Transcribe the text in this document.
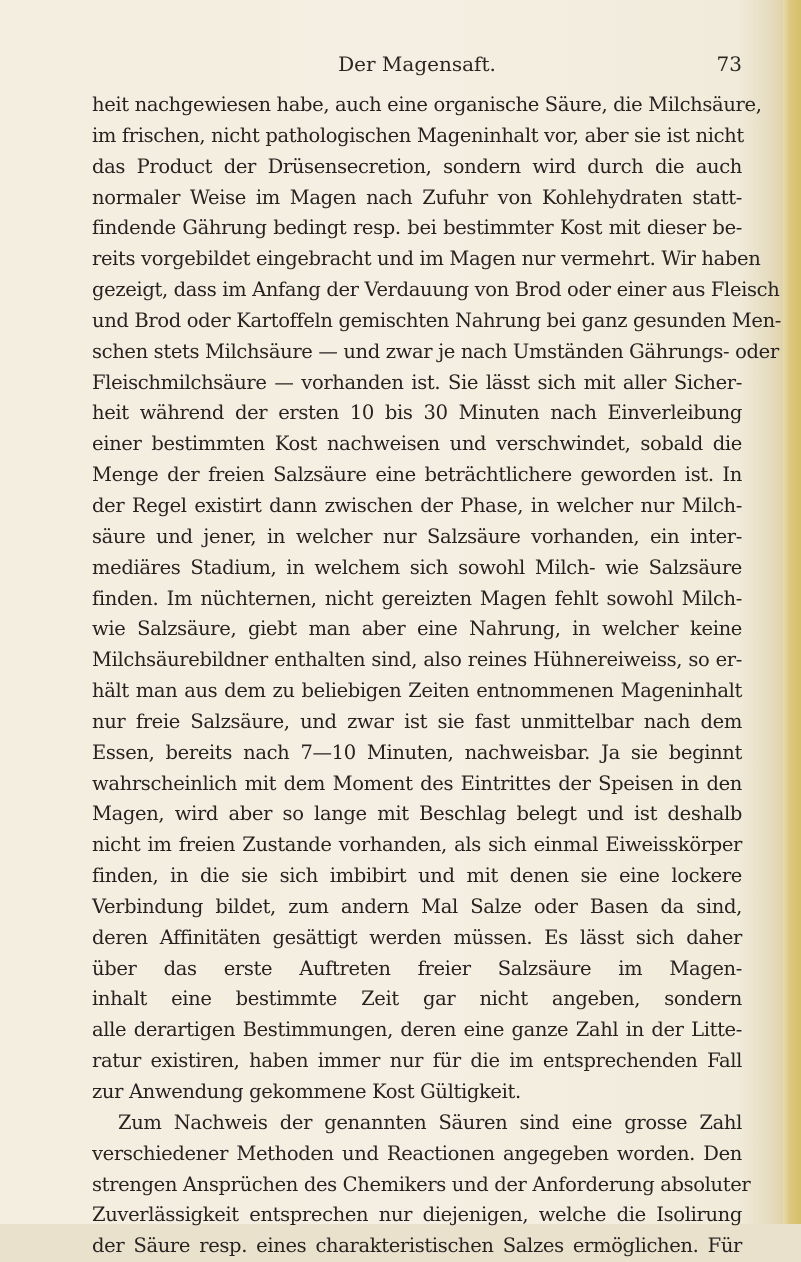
Der Magensaft.	73
heit nachgewiesen habe, auch eine organische Säure, die Milchsäure,
im frischen, nicht pathologischen Mageninhalt vor, aber sie ist nicht
das Product der Drüsensecretion, sondern wird durch die auch
normaler Weise im Magen nach Zufuhr von Kohlehydraten statt-
findende Gährung bedingt resp. bei bestimmter Kost mit dieser be-
reits vorgebildet eingebracht und im Magen nur vermehrt. Wir haben
gezeigt, dass im Anfang der Verdauung von Brod oder einer aus Fleisch
und Brod oder Kartoffeln gemischten Nahrung bei ganz gesunden Men-
schen stets Milchsäure — und zwar je nach Umständen Gährungs- oder
Fleischmilchsäure — vorhanden ist. Sie lässt sich mit aller Sicher-
heit während der ersten 10 bis 30 Minuten nach Einverleibung
einer bestimmten Kost nachweisen und verschwindet, sobald die
Menge der freien Salzsäure eine beträchtlichere geworden ist. In
der Regel existirt dann zwischen der Phase, in welcher nur Milch-
säure und jener, in welcher nur Salzsäure vorhanden, ein inter-
mediäres Stadium, in welchem sich sowohl Milch- wie Salzsäure
finden. Im nüchternen, nicht gereizten Magen fehlt sowohl Milch-
wie Salzsäure, giebt man aber eine Nahrung, in welcher keine
Milchsäurebildner enthalten sind, also reines Hühnereiweiss, so er-
hält man aus dem zu beliebigen Zeiten entnommenen Mageninhalt
nur freie Salzsäure, und zwar ist sie fast unmittelbar nach dem
Essen, bereits nach 7—10 Minuten, nachweisbar. Ja sie beginnt
wahrscheinlich mit dem Moment des Eintrittes der Speisen in den
Magen, wird aber so lange mit Beschlag belegt und ist deshalb
nicht im freien Zustande vorhanden, als sich einmal Eiweisskörper
finden, in die sie sich imbibirt und mit denen sie eine lockere
Verbindung bildet, zum andern Mal Salze oder Basen da sind,
deren Affinitäten gesättigt werden müssen. Es lässt sich daher
über das erste Auftreten freier Salzsäure im Magen-
inhalt eine bestimmte Zeit gar nicht angeben, sondern
alle derartigen Bestimmungen, deren eine ganze Zahl in der Litte-
ratur existiren, haben immer nur für die im entsprechenden Fall
zur Anwendung gekommene Kost Gültigkeit.
Zum Nachweis der genannten Säuren sind eine grosse Zahl
verschiedener Methoden und Reactionen angegeben worden. Den
strengen Ansprüchen des Chemikers und der Anforderung absoluter
Zuverlässigkeit entsprechen nur diejenigen, welche die Isolirung
der Säure resp. eines charakteristischen Salzes ermöglichen. Für
